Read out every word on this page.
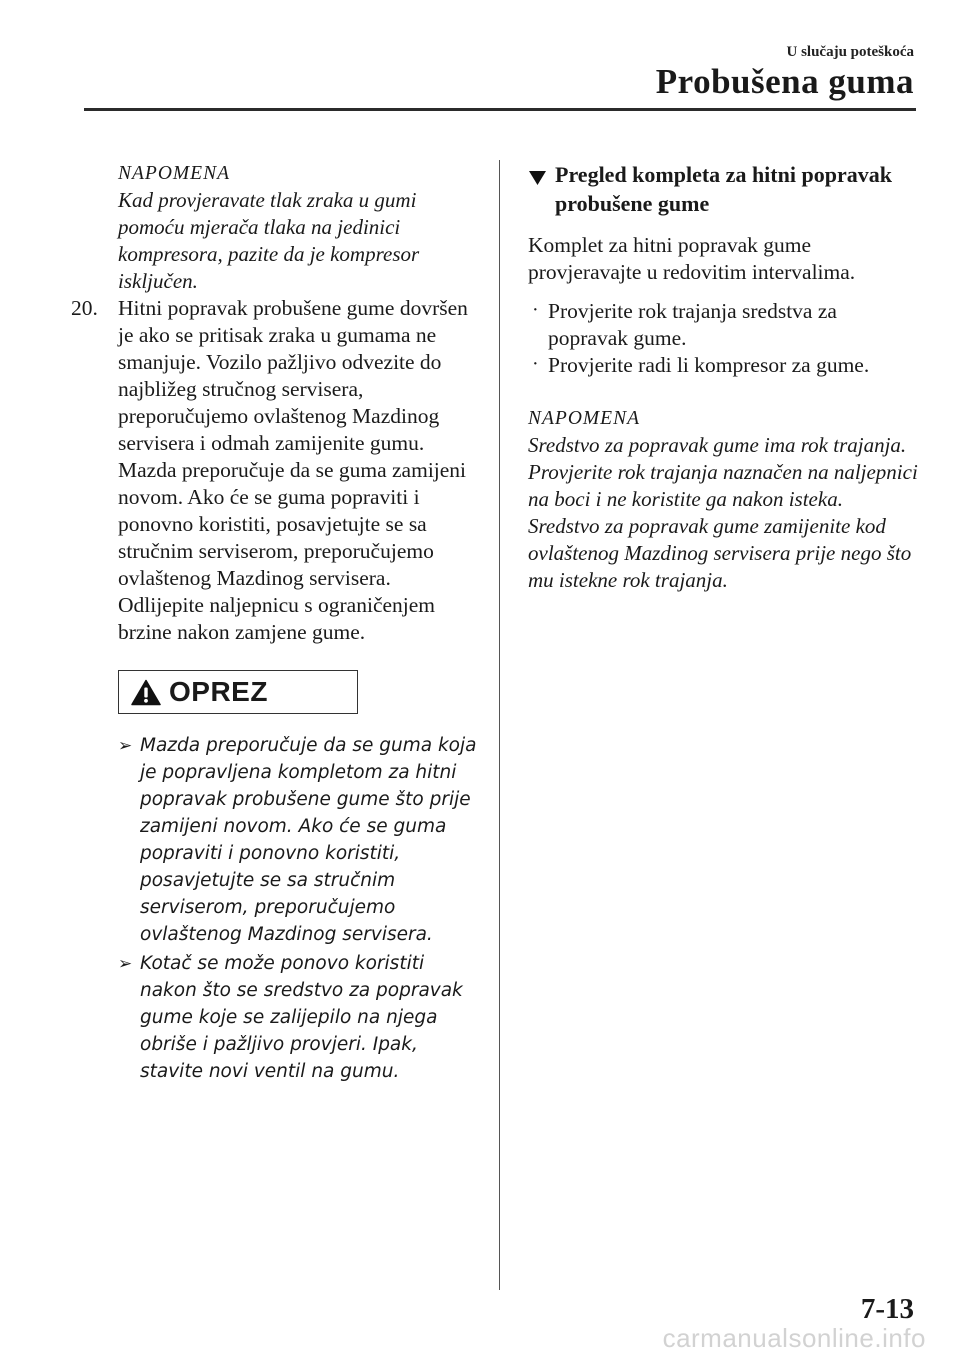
U slučaju poteškoća
Probušena guma
NAPOMENA
Kad provjeravate tlak zraka u gumi pomoću mjerača tlaka na jedinici kompresora, pazite da je kompresor isključen.
20. Hitni popravak probušene gume dovršen je ako se pritisak zraka u gumama ne smanjuje. Vozilo pažljivo odvezite do najbližeg stručnog servisera, preporučujemo ovlaštenog Mazdinog servisera i odmah zamijenite gumu. Mazda preporučuje da se guma zamijeni novom. Ako će se guma popraviti i ponovno koristiti, posavjetujte se sa stručnim serviserom, preporučujemo ovlaštenog Mazdinog servisera.
Odlijepite naljepnicu s ograničenjem brzine nakon zamjene gume.
OPREZ
➢ Mazda preporučuje da se guma koja je popravljena kompletom za hitni popravak probušene gume što prije zamijeni novom. Ako će se guma popraviti i ponovno koristiti, posavjetujte se sa stručnim serviserom, preporučujemo ovlaštenog Mazdinog servisera.
➢ Kotač se može ponovo koristiti nakon što se sredstvo za popravak gume koje se zalijepilo na njega obriše i pažljivo provjeri. Ipak, stavite novi ventil na gumu.
Pregled kompleta za hitni popravak probušene gume
Komplet za hitni popravak gume provjeravajte u redovitim intervalima.
· Provjerite rok trajanja sredstva za popravak gume.
· Provjerite radi li kompresor za gume.
NAPOMENA
Sredstvo za popravak gume ima rok trajanja. Provjerite rok trajanja naznačen na naljepnici na boci i ne koristite ga nakon isteka. Sredstvo za popravak gume zamijenite kod ovlaštenog Mazdinog servisera prije nego što mu istekne rok trajanja.
7-13
carmanualsonline.info
